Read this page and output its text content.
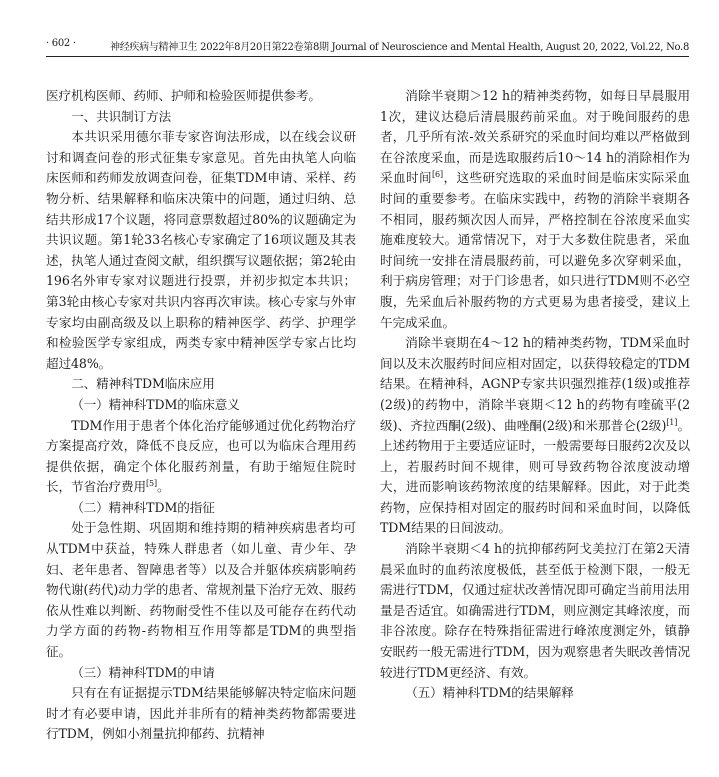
· 602 ·	神经疾病与精神卫生 2022年8月20日第22卷第8期 Journal of Neuroscience and Mental Health, August 20, 2022, Vol.22, No.8

医疗机构医师、药师、护师和检验医师提供参考。

一、共识制订方法

本共识采用德尔菲专家咨询法形成，以在线会议研讨和调查问卷的形式征集专家意见。首先由执笔人向临床医师和药师发放调查问卷，征集TDM申请、采样、药物分析、结果解释和临床决策中的问题，通过归纳、总结共形成17个议题，将同意票数超过80%的议题确定为共识议题。第1轮33名核心专家确定了16项议题及其表述，执笔人通过查阅文献，组织撰写议题依据；第2轮由196名外审专家对议题进行投票，并初步拟定本共识；第3轮由核心专家对共识内容再次审读。核心专家与外审专家均由副高级及以上职称的精神医学、药学、护理学和检验医学专家组成，两类专家中精神医学专家占比均超过48%。

二、精神科TDM临床应用

（一）精神科TDM的临床意义

TDM作用于患者个体化治疗能够通过优化药物治疗方案提高疗效，降低不良反应，也可以为临床合理用药提供依据，确定个体化服药剂量，有助于缩短住院时长，节省治疗费用[5]。

（二）精神科TDM的指征

处于急性期、巩固期和维持期的精神疾病患者均可从TDM中获益，特殊人群患者（如儿童、青少年、孕妇、老年患者、智障患者等）以及合并躯体疾病影响药物代谢(药代)动力学的患者、常规剂量下治疗无效、服药依从性难以判断、药物耐受性不佳以及可能存在药代动力学方面的药物-药物相互作用等都是TDM的典型指征。

（三）精神科TDM的申请

只有在有证据提示TDM结果能够解决特定临床问题时才有必要申请，因此并非所有的精神类药物都需要进行TDM，例如小剂量抗抑郁药、抗精神

消除半衰期＞12 h的精神类药物，如每日早晨服用1次，建议达稳后清晨服药前采血。对于晚间服药的患者，几乎所有浓-效关系研究的采血时间均难以严格做到在谷浓度采血，而是选取服药后10～14 h的消除相作为采血时间[6]，这些研究选取的采血时间是临床实际采血时间的重要参考。在临床实践中，药物的消除半衰期各不相同，服药频次因人而异，严格控制在谷浓度采血实施难度较大。通常情况下，对于大多数住院患者，采血时间统一安排在清晨服药前，可以避免多次穿刺采血，利于病房管理；对于门诊患者，如只进行TDM则不必空腹，先采血后补服药物的方式更易为患者接受，建议上午完成采血。

消除半衰期在4～12 h的精神类药物，TDM采血时间以及末次服药时间应相对固定，以获得较稳定的TDM结果。在精神科，AGNP专家共识强烈推荐(1级)或推荐(2级)的药物中，消除半衰期＜12 h的药物有喹硫平(2级)、齐拉西酮(2级)、曲唑酮(2级)和米那普仑(2级)[1]。上述药物用于主要适应证时，一般需要每日服药2次及以上，若服药时间不规律，则可导致药物谷浓度波动增大，进而影响该药物浓度的结果解释。因此，对于此类药物，应保持相对固定的服药时间和采血时间，以降低TDM结果的日间波动。

消除半衰期＜4 h的抗抑郁药阿戈美拉汀在第2天清晨采血时的血药浓度极低，甚至低于检测下限，一般无需进行TDM，仅通过症状改善情况即可确定当前用法用量是否适宜。如确需进行TDM，则应测定其峰浓度，而非谷浓度。除存在特殊指征需进行峰浓度测定外，镇静安眠药一般无需进行TDM，因为观察患者失眠改善情况较进行TDM更经济、有效。

（五）精神科TDM的结果解释
